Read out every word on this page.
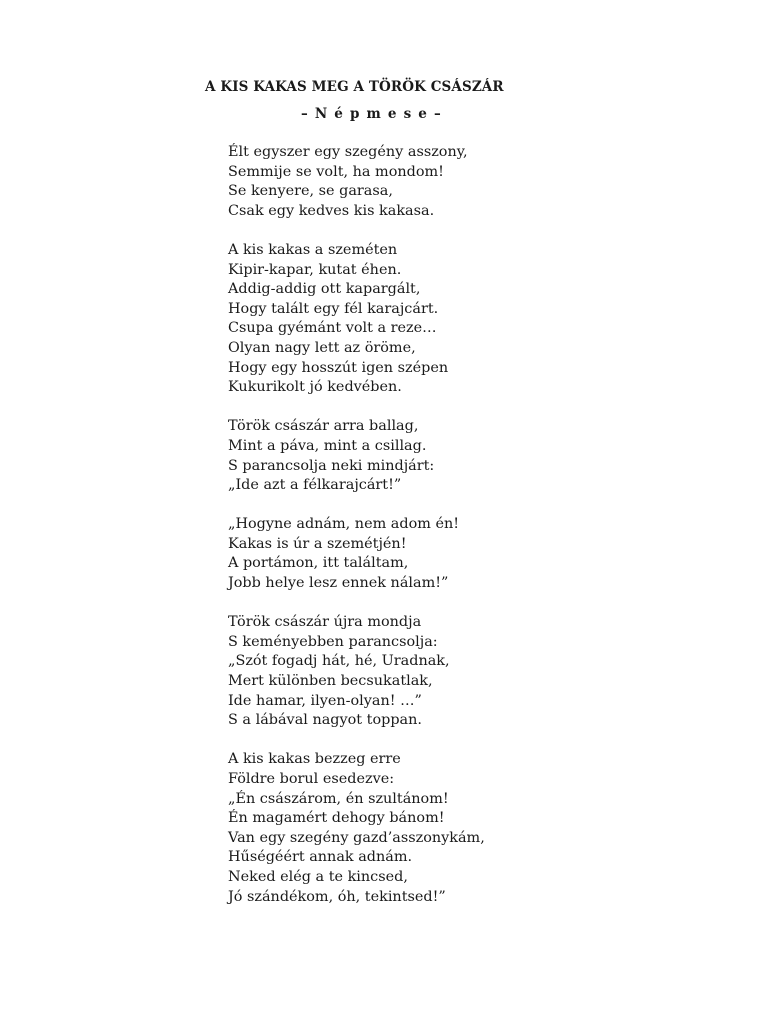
A KIS KAKAS MEG A TÖRÖK CSÁSZÁR
– N é p m e s e –
Élt egyszer egy szegény asszony,
Semmije se volt, ha mondom!
Se kenyere, se garasa,
Csak egy kedves kis kakasa.
A kis kakas a szeméten
Kipir-kapar, kutat éhen.
Addig-addig ott kapargált,
Hogy talált egy fél karajcárt.
Csupa gyémánt volt a reze…
Olyan nagy lett az öröme,
Hogy egy hosszút igen szépen
Kukurikolt jó kedvében.
Török császár arra ballag,
Mint a páva, mint a csillag.
S parancsolja neki mindjárt:
„Ide azt a félkarajcárt!”
„Hogyne adnám, nem adom én!
Kakas is úr a szemétjén!
A portámon, itt találtam,
Jobb helye lesz ennek nálam!”
Török császár újra mondja
S keményebben parancsolja:
„Szót fogadj hát, hé, Uradnak,
Mert különben becsukatlak,
Ide hamar, ilyen-olyan! …”
S a lábával nagyot toppan.
A kis kakas bezzeg erre
Földre borul esedezve:
„Én császárom, én szultánom!
Én magamért dehogy bánom!
Van egy szegény gazd’asszonykám,
Hűségéért annak adnám.
Neked elég a te kincsed,
Jó szándékom, óh, tekintsed!”
